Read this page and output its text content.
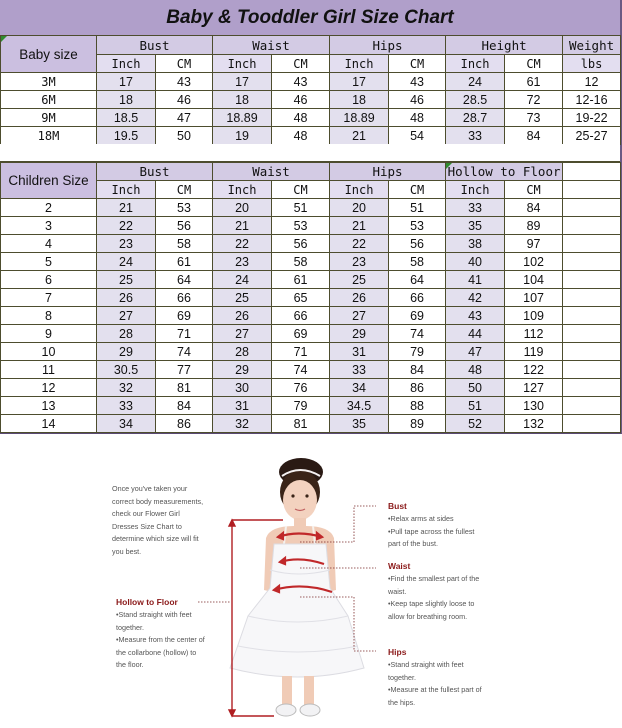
Baby & Tooddler Girl Size Chart
Baby size	Bust		Waist		Hips		Height		Weight
	Inch	CM	Inch	CM	Inch	CM	Inch	CM	lbs
3M	17	43	17	43	17	43	24	61	12
6M	18	46	18	46	18	46	28.5	72	12-16
9M	18.5	47	18.89	48	18.89	48	28.7	73	19-22
18M	19.5	50	19	48	21	54	33	84	25-27
Children Size	Bust		Waist		Hips		Hollow to Floor		
	Inch	CM	Inch	CM	Inch	CM	Inch	CM	
2	21	53	20	51	20	51	33	84	
3	22	56	21	53	21	53	35	89	
4	23	58	22	56	22	56	38	97	
5	24	61	23	58	23	58	40	102	
6	25	64	24	61	25	64	41	104	
7	26	66	25	65	26	66	42	107	
8	27	69	26	66	27	69	43	109	
9	28	71	27	69	29	74	44	112	
10	29	74	28	71	31	79	47	119	
11	30.5	77	29	74	33	84	48	122	
12	32	81	30	76	34	86	50	127	
13	33	84	31	79	34.5	88	51	130	
14	34	86	32	81	35	89	52	132	
Once you've taken your
correct body measurements,
check our Flower Girl
Dresses Size Chart to
determine which size will fit
you best.
Hollow to Floor
•Stand straight with feet
together.
•Measure from the center of
the collarbone (hollow) to
the floor.
Bust
•Relax arms at sides
•Pull tape across the fullest
part of the bust.
Waist
•Find the smallest part of the
waist.
•Keep tape slightly loose to
allow for breathing room.
Hips
•Stand straight with feet
together.
•Measure at the fullest part of
the hips.
